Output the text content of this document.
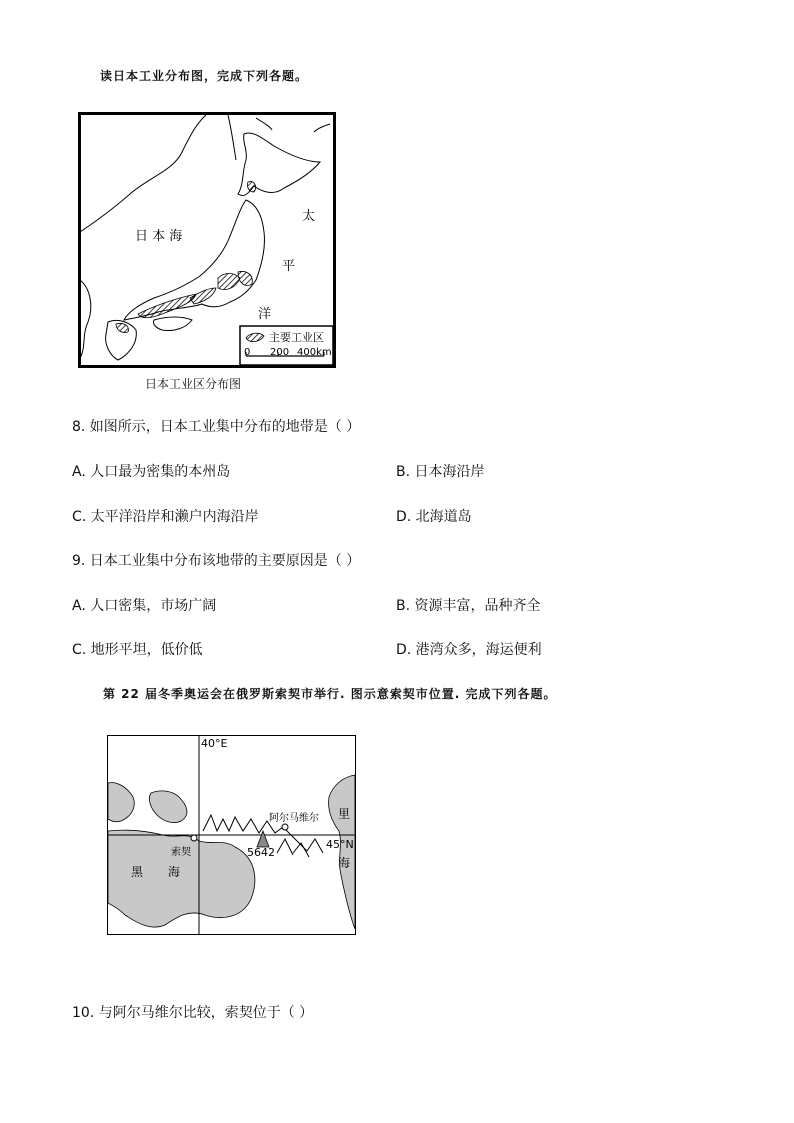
读日本工业分布图，完成下列各题。
日 本 海
太
平
洋
主要工业区
0 200 400km
日本工业区分布图
8. 如图所示，日本工业集中分布的地带是（ ）
A. 人口最为密集的本州岛	B. 日本海沿岸
C. 太平洋沿岸和濑户内海沿岸	D. 北海道岛
9. 日本工业集中分布该地带的主要原因是（ ）
A. 人口密集，市场广阔	B. 资源丰富，品种齐全
C. 地形平坦，低价低	D. 港湾众多，海运便利
第 22 届冬季奥运会在俄罗斯索契市举行. 图示意索契市位置. 完成下列各题。
40°E
45°N
阿尔马维尔
索契	5642
黑 海
里
海
10. 与阿尔马维尔比较，索契位于（ ）
